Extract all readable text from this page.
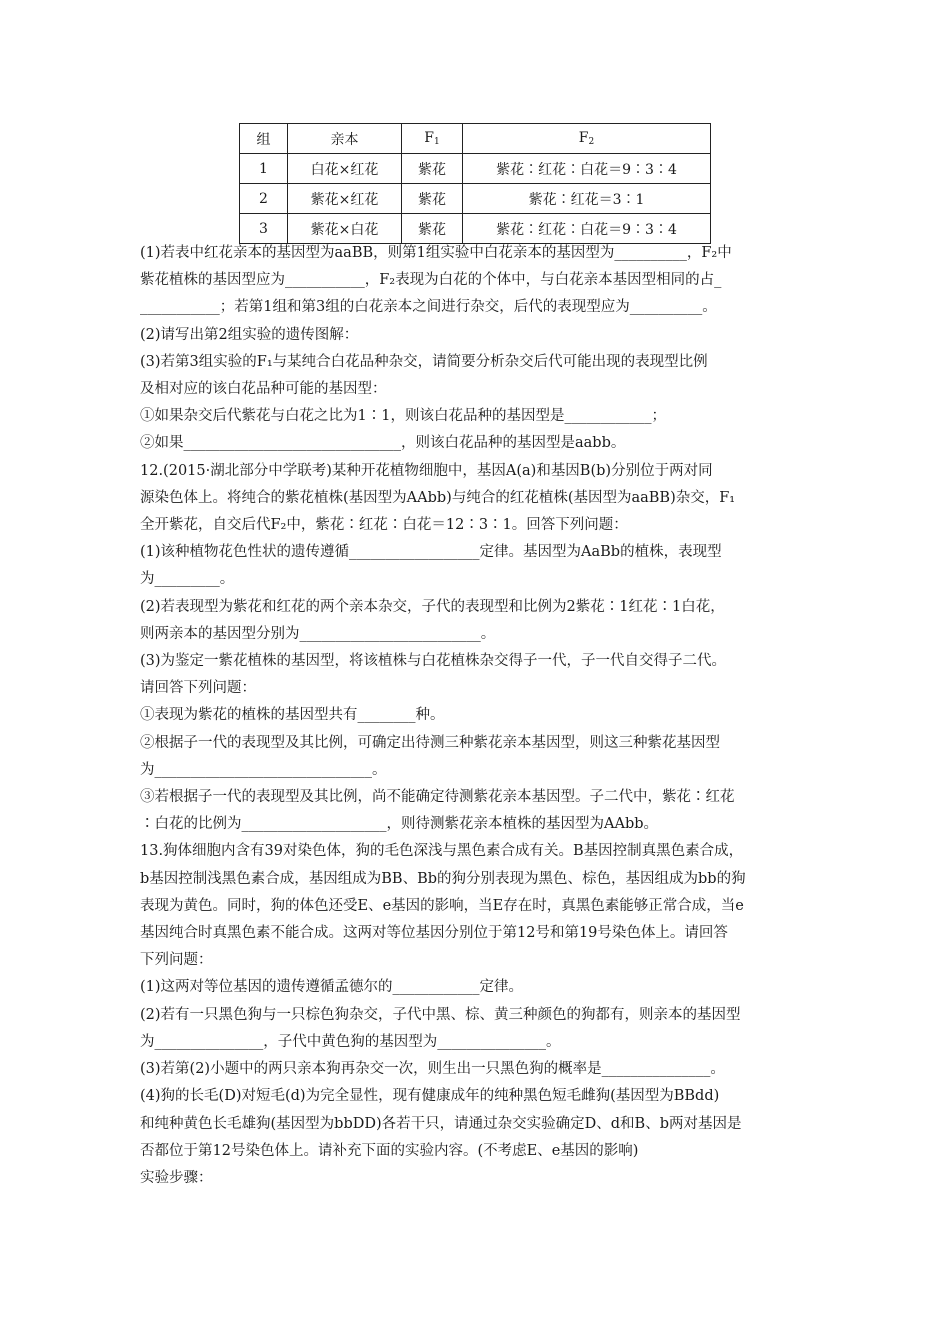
组	亲本	$F_1$	$F_2$
1	白花×红花	紫花	紫花∶红花∶白花＝9∶3∶4
2	紫花×红花	紫花	紫花∶红花＝3∶1
3	紫花×白花	紫花	紫花∶红花∶白花＝9∶3∶4

(1)若表中红花亲本的基因型为aaBB，则第1组实验中白花亲本的基因型为__________，F₂中

紫花植株的基因型应为___________，F₂表现为白花的个体中，与白花亲本基因型相同的占_

___________；若第1组和第3组的白花亲本之间进行杂交，后代的表现型应为__________。

(2)请写出第2组实验的遗传图解：

(3)若第3组实验的F₁与某纯合白花品种杂交，请简要分析杂交后代可能出现的表现型比例

及相对应的该白花品种可能的基因型：

①如果杂交后代紫花与白花之比为1∶1，则该白花品种的基因型是____________；

②如果______________________________，则该白花品种的基因型是aabb。

12.(2015·湖北部分中学联考)某种开花植物细胞中，基因A(a)和基因B(b)分别位于两对同

源染色体上。将纯合的紫花植株(基因型为AAbb)与纯合的红花植株(基因型为aaBB)杂交，F₁

全开紫花，自交后代F₂中，紫花∶红花∶白花＝12∶3∶1。回答下列问题：

(1)该种植物花色性状的遗传遵循__________________定律。基因型为AaBb的植株，表现型

为_________。

(2)若表现型为紫花和红花的两个亲本杂交，子代的表现型和比例为2紫花∶1红花∶1白花，

则两亲本的基因型分别为_________________________。

(3)为鉴定一紫花植株的基因型，将该植株与白花植株杂交得子一代，子一代自交得子二代。

请回答下列问题：

①表现为紫花的植株的基因型共有________种。

②根据子一代的表现型及其比例，可确定出待测三种紫花亲本基因型，则这三种紫花基因型

为______________________________。

③若根据子一代的表现型及其比例，尚不能确定待测紫花亲本基因型。子二代中，紫花∶红花

∶白花的比例为____________________，则待测紫花亲本植株的基因型为AAbb。

13.狗体细胞内含有39对染色体，狗的毛色深浅与黑色素合成有关。B基因控制真黑色素合成，

b基因控制浅黑色素合成，基因组成为BB、Bb的狗分别表现为黑色、棕色，基因组成为bb的狗

表现为黄色。同时，狗的体色还受E、e基因的影响，当E存在时，真黑色素能够正常合成，当e

基因纯合时真黑色素不能合成。这两对等位基因分别位于第12号和第19号染色体上。请回答

下列问题：

(1)这两对等位基因的遗传遵循孟德尔的____________定律。

(2)若有一只黑色狗与一只棕色狗杂交，子代中黑、棕、黄三种颜色的狗都有，则亲本的基因型

为_______________，子代中黄色狗的基因型为_______________。

(3)若第(2)小题中的两只亲本狗再杂交一次，则生出一只黑色狗的概率是_______________。

(4)狗的长毛(D)对短毛(d)为完全显性，现有健康成年的纯种黑色短毛雌狗(基因型为BBdd)

和纯种黄色长毛雄狗(基因型为bbDD)各若干只，请通过杂交实验确定D、d和B、b两对基因是

否都位于第12号染色体上。请补充下面的实验内容。(不考虑E、e基因的影响)

实验步骤：
